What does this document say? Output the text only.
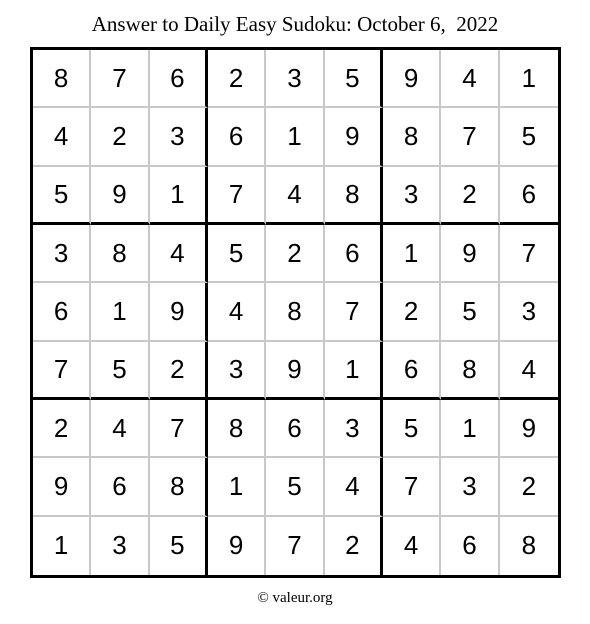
Answer to Daily Easy Sudoku: October 6,  2022
8	7	6	2	3	5	9	4	1
4	2	3	6	1	9	8	7	5
5	9	1	7	4	8	3	2	6
3	8	4	5	2	6	1	9	7
6	1	9	4	8	7	2	5	3
7	5	2	3	9	1	6	8	4
2	4	7	8	6	3	5	1	9
9	6	8	1	5	4	7	3	2
1	3	5	9	7	2	4	6	8
© valeur.org
